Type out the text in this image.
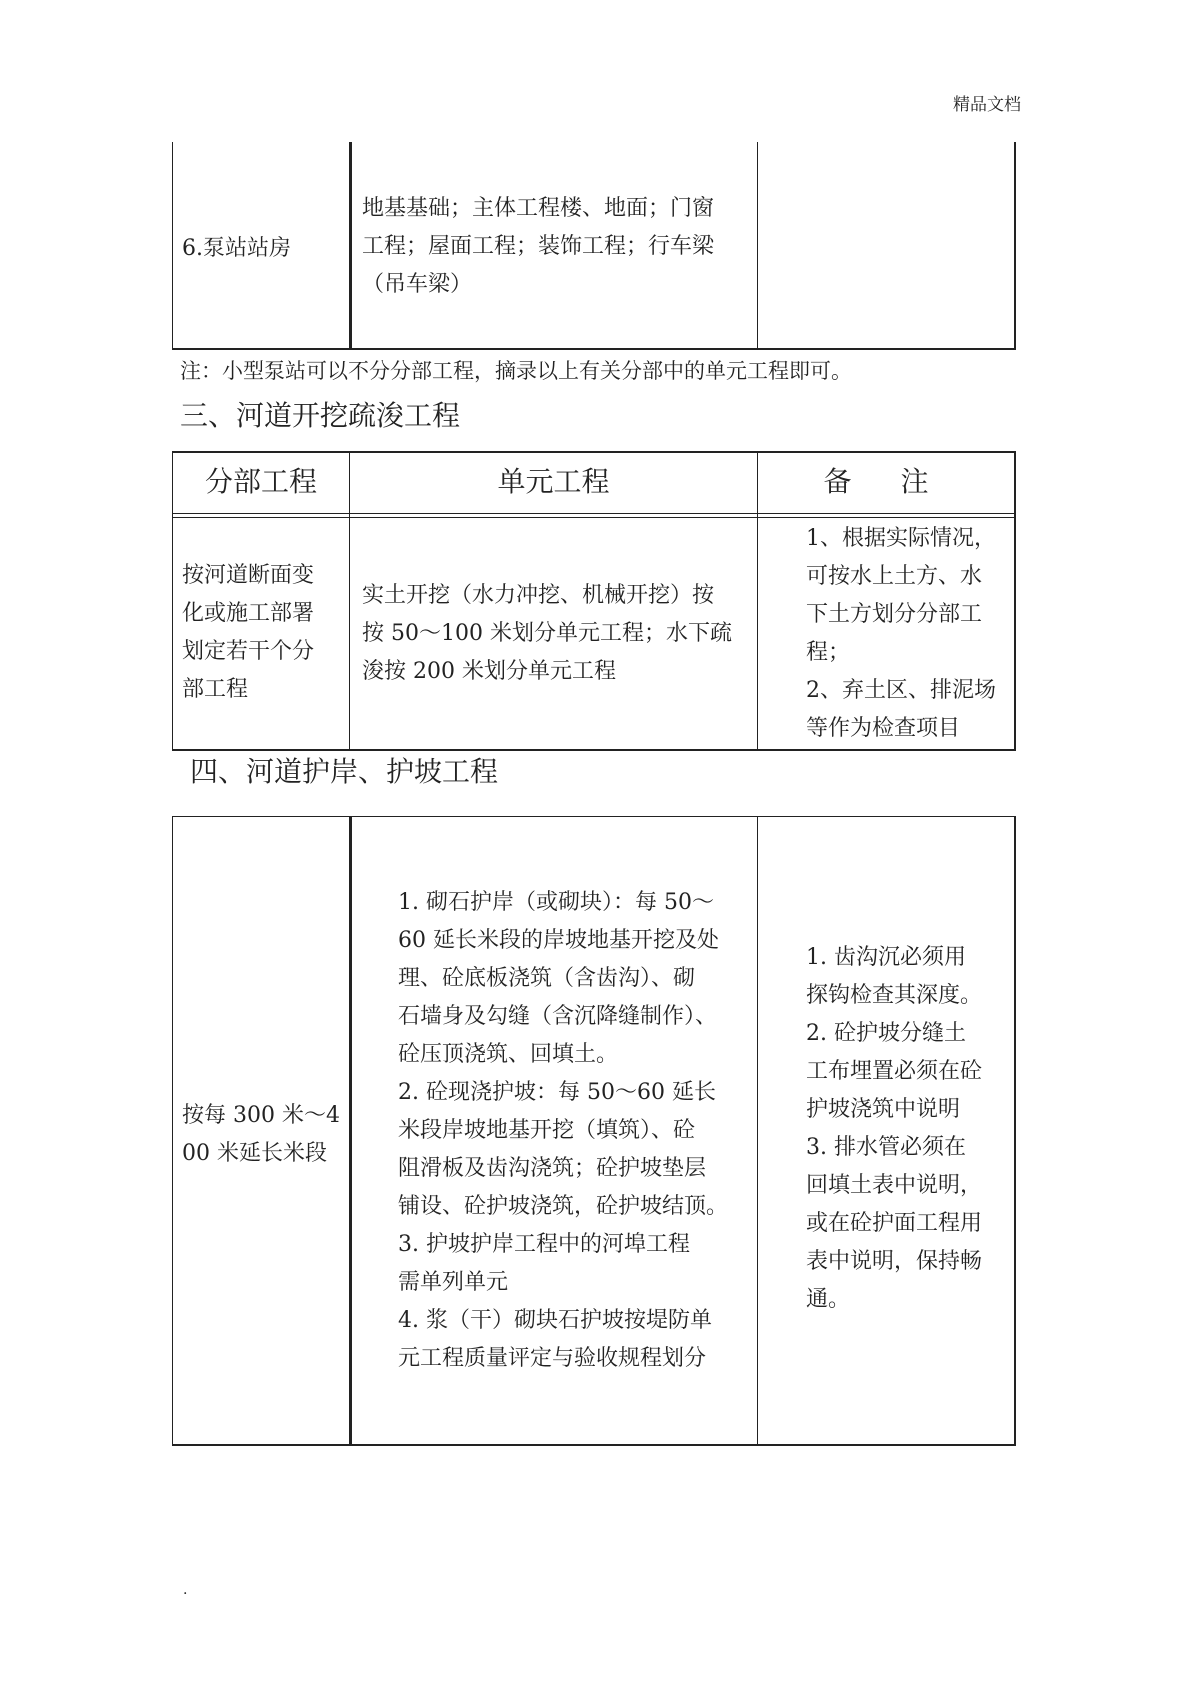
精品文档
6.泵站站房
地基基础；主体工程楼、地面；门窗
工程；屋面工程；装饰工程；行车梁
（吊车梁）
注：小型泵站可以不分分部工程，摘录以上有关分部中的单元工程即可。
三、河道开挖疏浚工程
分部工程	单元工程	备 注
按河道断面变
化或施工部署
划定若干个分
部工程
实土开挖（水力冲挖、机械开挖）按
按 50～100 米划分单元工程；水下疏
浚按 200 米划分单元工程
1、根据实际情况，
可按水上土方、水
下土方划分分部工
程；
2、弃土区、排泥场
等作为检查项目
四、河道护岸、护坡工程
按每 300 米～4
00 米延长米段
1. 砌石护岸（或砌块）：每 50～
60 延长米段的岸坡地基开挖及处
理、砼底板浇筑（含齿沟）、砌
石墙身及勾缝（含沉降缝制作）、
砼压顶浇筑、回填土。
2. 砼现浇护坡：每 50～60 延长
米段岸坡地基开挖（填筑）、砼
阻滑板及齿沟浇筑；砼护坡垫层
铺设、砼护坡浇筑，砼护坡结顶。
3. 护坡护岸工程中的河埠工程
需单列单元
4. 浆（干）砌块石护坡按堤防单
元工程质量评定与验收规程划分
1. 齿沟沉必须用
探钩检查其深度。
2. 砼护坡分缝土
工布埋置必须在砼
护坡浇筑中说明
3. 排水管必须在
回填土表中说明，
或在砼护面工程用
表中说明，保持畅
通。
.
